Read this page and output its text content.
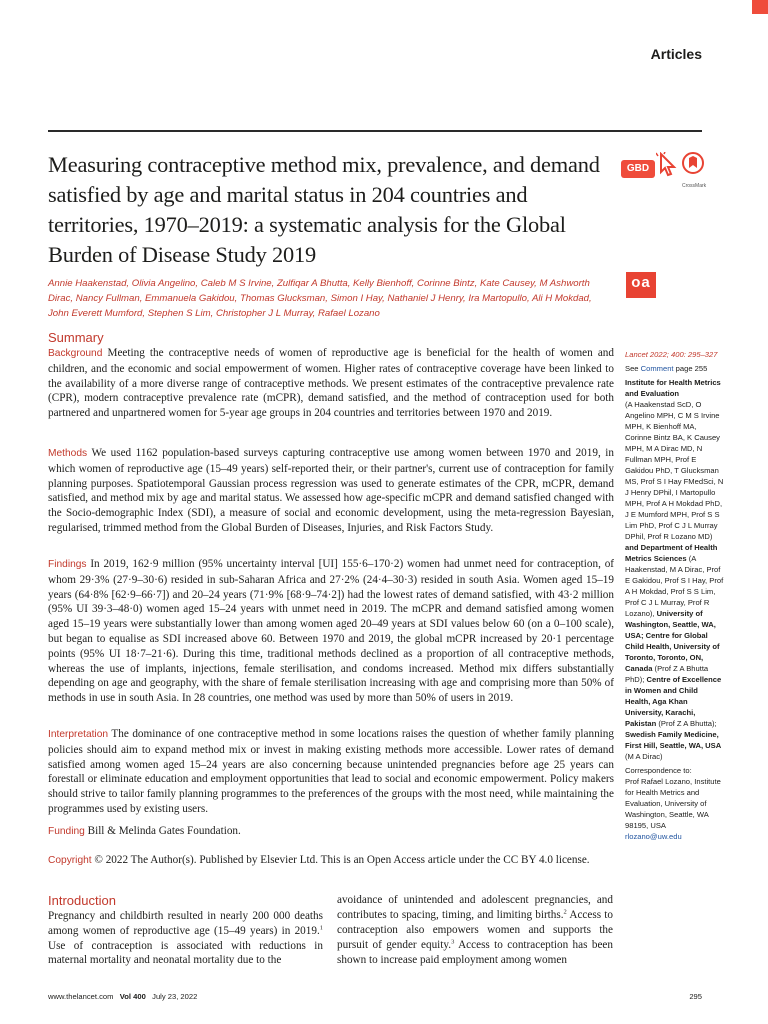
Articles
Measuring contraceptive method mix, prevalence, and demand satisfied by age and marital status in 204 countries and territories, 1970–2019: a systematic analysis for the Global Burden of Disease Study 2019
GBD
CrossMark
oa
Annie Haakenstad, Olivia Angelino, Caleb M S Irvine, Zulfiqar A Bhutta, Kelly Bienhoff, Corinne Bintz, Kate Causey, M Ashworth Dirac, Nancy Fullman, Emmanuela Gakidou, Thomas Glucksman, Simon I Hay, Nathaniel J Henry, Ira Martopullo, Ali H Mokdad, John Everett Mumford, Stephen S Lim, Christopher J L Murray, Rafael Lozano
Summary

Background Meeting the contraceptive needs of women of reproductive age is beneficial for the health of women and children, and the economic and social empowerment of women. Higher rates of contraceptive coverage have been linked to the availability of a more diverse range of contraceptive methods. We present estimates of the contraceptive prevalence rate (CPR), modern contraceptive prevalence rate (mCPR), demand satisfied, and the method of contraception used for both partnered and unpartnered women for 5-year age groups in 204 countries and territories between 1970 and 2019.

Methods We used 1162 population-based surveys capturing contraceptive use among women between 1970 and 2019, in which women of reproductive age (15–49 years) self-reported their, or their partner's, current use of contraception for family planning purposes. Spatiotemporal Gaussian process regression was used to generate estimates of the CPR, mCPR, demand satisfied, and method mix by age and marital status. We assessed how age-specific mCPR and demand satisfied changed with the Socio-demographic Index (SDI), a measure of social and economic development, using the meta-regression Bayesian, regularised, trimmed method from the Global Burden of Diseases, Injuries, and Risk Factors Study.

Findings In 2019, 162·9 million (95% uncertainty interval [UI] 155·6–170·2) women had unmet need for contraception, of whom 29·3% (27·9–30·6) resided in sub-Saharan Africa and 27·2% (24·4–30·3) resided in south Asia. Women aged 15–19 years (64·8% [62·9–66·7]) and 20–24 years (71·9% [68·9–74·2]) had the lowest rates of demand satisfied, with 43·2 million (95% UI 39·3–48·0) women aged 15–24 years with unmet need in 2019. The mCPR and demand satisfied among women aged 15–19 years were substantially lower than among women aged 20–49 years at SDI values below 60 (on a 0–100 scale), but began to equalise as SDI increased above 60. Between 1970 and 2019, the global mCPR increased by 20·1 percentage points (95% UI 18·7–21·6). During this time, traditional methods declined as a proportion of all contraceptive methods, whereas the use of implants, injections, female sterilisation, and condoms increased. Method mix differs substantially depending on age and geography, with the share of female sterilisation increasing with age and comprising more than 50% of methods in use in south Asia. In 28 countries, one method was used by more than 50% of users in 2019.

Interpretation The dominance of one contraceptive method in some locations raises the question of whether family planning policies should aim to expand method mix or invest in making existing methods more accessible. Lower rates of demand satisfied among women aged 15–24 years are also concerning because unintended pregnancies before age 25 years can forestall or eliminate education and employment opportunities that lead to social and economic empowerment. Policy makers should strive to tailor family planning programmes to the preferences of the groups with the most need, while maintaining the programmes used by existing users.

Funding Bill & Melinda Gates Foundation.

Copyright © 2022 The Author(s). Published by Elsevier Ltd. This is an Open Access article under the CC BY 4.0 license.

Introduction

Pregnancy and childbirth resulted in nearly 200 000 deaths among women of reproductive age (15–49 years) in 2019.$^1$ Use of contraception is associated with reductions in maternal mortality and neonatal mortality due to the

avoidance of unintended and adolescent pregnancies, and contributes to spacing, timing, and limiting births.$^2$ Access to contraception also empowers women and supports the pursuit of gender equity.$^3$ Access to contraception has been shown to increase paid employment among women

Lancet 2022; 400: 295–327
See Comment page 255
Institute for Health Metrics and Evaluation
(A Haakenstad ScD, O Angelino MPH, C M S Irvine MPH, K Bienhoff MA, Corinne Bintz BA, K Causey MPH, M A Dirac MD, N Fullman MPH, Prof E Gakidou PhD, T Glucksman MS, Prof S I Hay FMedSci, N J Henry DPhil, I Martopullo MPH, Prof A H Mokdad PhD, J E Mumford MPH, Prof S S Lim PhD, Prof C J L Murray DPhil, Prof R Lozano MD) and Department of Health Metrics Sciences (A Haakenstad, M A Dirac, Prof E Gakidou, Prof S I Hay, Prof A H Mokdad, Prof S S Lim, Prof C J L Murray, Prof R Lozano), University of Washington, Seattle, WA, USA; Centre for Global Child Health, University of Toronto, Toronto, ON, Canada (Prof Z A Bhutta PhD); Centre of Excellence in Women and Child Health, Aga Khan University, Karachi, Pakistan (Prof Z A Bhutta); Swedish Family Medicine, First Hill, Seattle, WA, USA (M A Dirac)
Correspondence to:
Prof Rafael Lozano, Institute for Health Metrics and Evaluation, University of Washington, Seattle, WA 98195, USA
rlozano@uw.edu
www.thelancet.com Vol 400 July 23, 2022	295
